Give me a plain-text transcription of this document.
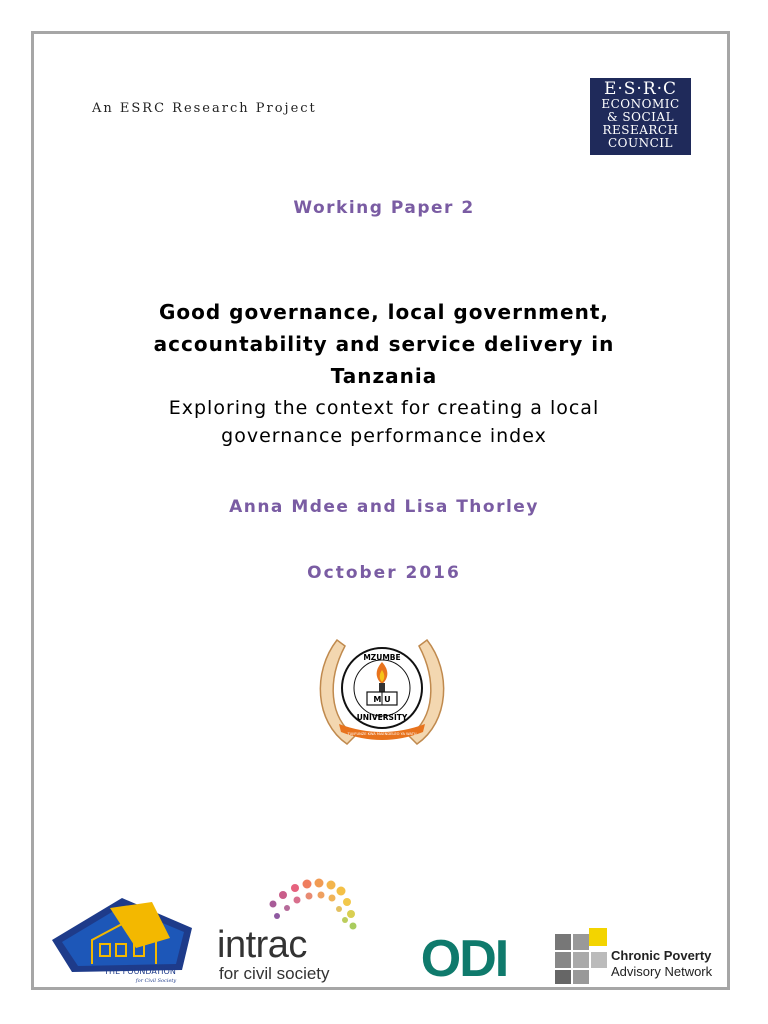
An ESRC Research Project
E·S·R·C
ECONOMIC
& SOCIAL
RESEARCH
COUNCIL
Working Paper 2
Good governance, local government,
accountability and service delivery in
Tanzania
Exploring the context for creating a local
governance performance index
Anna Mdee and Lisa Thorley
October 2016
M U
MZUMBE
UNIVERSITY
TUJIFUNZE KWA MAENDELEO YA WATU
THE FOUNDATION
for Civil Society
intrac
for civil society ODI	Chronic Poverty
Advisory Network
